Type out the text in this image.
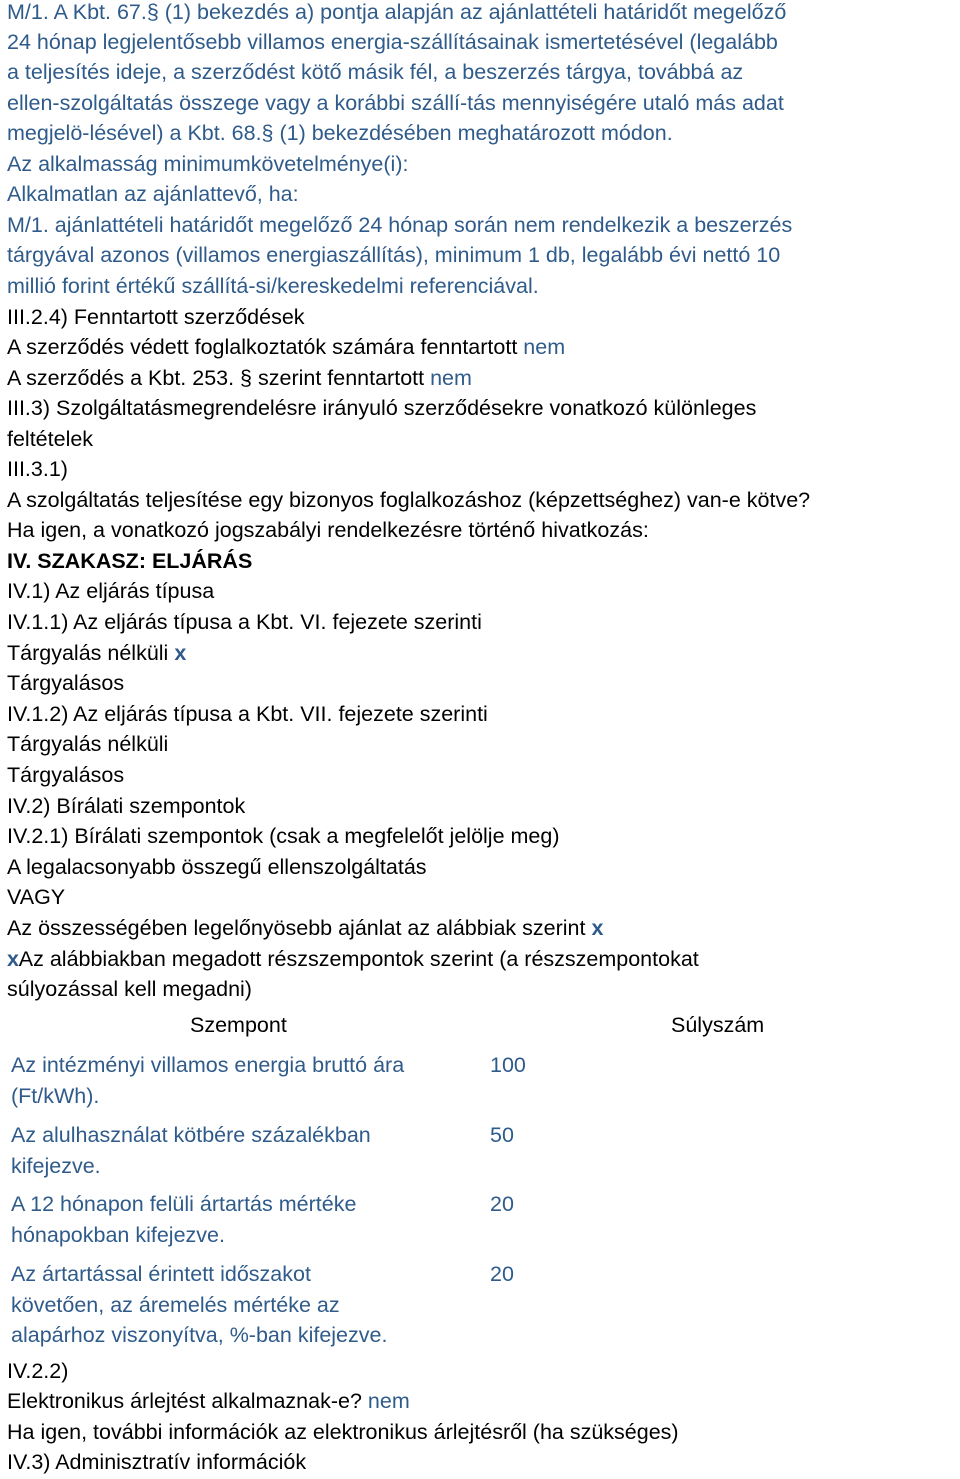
M/1. A Kbt. 67.§ (1) bekezdés a) pontja alapján az ajánlattételi határidőt megelőző
24 hónap legjelentősebb villamos energia-szállításainak ismertetésével (legalább
a teljesítés ideje, a szerződést kötő másik fél, a beszerzés tárgya, továbbá az
ellen-szolgáltatás összege vagy a korábbi szállí-tás mennyiségére utaló más adat
megjelö-lésével) a Kbt. 68.§ (1) bekezdésében meghatározott módon.
Az alkalmasság minimumkövetelménye(i):
Alkalmatlan az ajánlattevő, ha:
M/1. ajánlattételi határidőt megelőző 24 hónap során nem rendelkezik a beszerzés
tárgyával azonos (villamos energiaszállítás), minimum 1 db, legalább évi nettó 10
millió forint értékű szállítá-si/kereskedelmi referenciával.
III.2.4) Fenntartott szerződések
A szerződés védett foglalkoztatók számára fenntartott nem
A szerződés a Kbt. 253. § szerint fenntartott nem
III.3) Szolgáltatásmegrendelésre irányuló szerződésekre vonatkozó különleges
feltételek
III.3.1)
A szolgáltatás teljesítése egy bizonyos foglalkozáshoz (képzettséghez) van-e kötve?
Ha igen, a vonatkozó jogszabályi rendelkezésre történő hivatkozás:
IV. SZAKASZ: ELJÁRÁS
IV.1) Az eljárás típusa
IV.1.1) Az eljárás típusa a Kbt. VI. fejezete szerinti
Tárgyalás nélküli x
Tárgyalásos
IV.1.2) Az eljárás típusa a Kbt. VII. fejezete szerinti
Tárgyalás nélküli
Tárgyalásos
IV.2) Bírálati szempontok
IV.2.1) Bírálati szempontok (csak a megfelelőt jelölje meg)
A legalacsonyabb összegű ellenszolgáltatás
VAGY
Az összességében legelőnyösebb ajánlat az alábbiak szerint x
x Az alábbiakban megadott részszempontok szerint (a részszempontokat
súlyozással kell megadni)
Szempont	Súlyszám
Az intézményi villamos energia bruttó ára
(Ft/kWh).
100
Az alulhasználat kötbére százalékban
kifejezve.
50
A 12 hónapon felüli ártartás mértéke
hónapokban kifejezve.
20
Az ártartással érintett időszakot
követően, az áremelés mértéke az
alapárhoz viszonyítva, %-ban kifejezve.
20
IV.2.2)
Elektronikus árlejtést alkalmaznak-e? nem
Ha igen, további információk az elektronikus árlejtésről (ha szükséges)
IV.3) Adminisztratív információk
